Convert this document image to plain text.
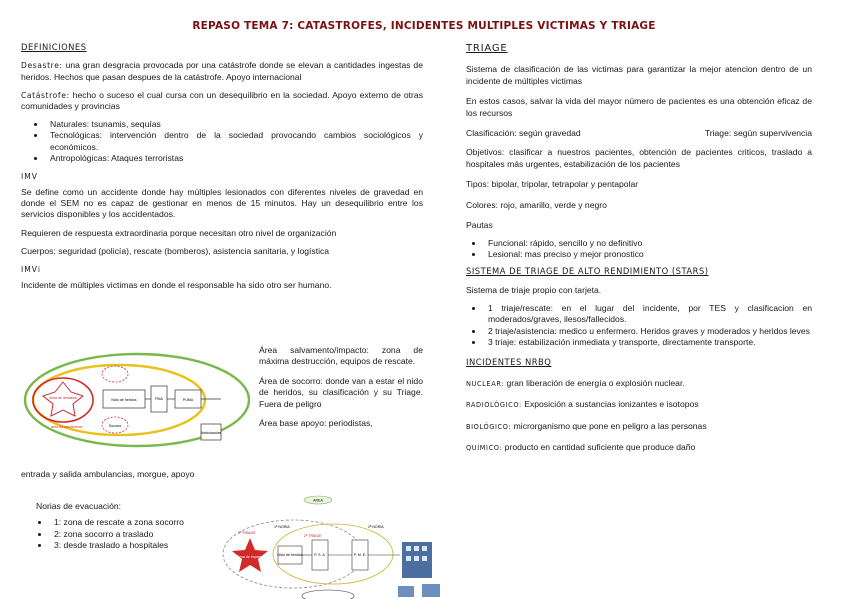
REPASO TEMA 7: CATASTROFES, INCIDENTES MULTIPLES VICTIMAS Y TRIAGE
DEFINICIONES
Desastre: una gran desgracia provocada por una catástrofe donde se elevan a cantidades ingestas de heridos. Hechos que pasan despues de la catástrofe. Apoyo internacional
Catástrofe: hecho o suceso el cual cursa con un desequilibrio en la sociedad. Apoyo externo de otras comunidades y provincias
• Naturales: tsunamis, sequías
• Tecnológicas: intervención dentro de la sociedad provocando cambios sociológicos y económicos.
• Antropológicas: Ataques terroristas
IMV
Se define como un accidente donde hay múltiples lesionados con diferentes niveles de gravedad en donde el SEM no es capaz de gestionar en menos de 15 minutos. Hay un desequilibrio entre los servicios disponibles y los accidentados.
Requieren de respuesta extraordinaria porque necesitan otro nivel de organización
Cuerpos: seguridad (policía), rescate (bomberos), asistencia sanitaria, y logística
IMVi
Incidente de múltiples victimas en donde el responsable ha sido otro ser humano.
zona de desastre
área de salvamento	Socorro
Nido de heridos	PMA	PUMA
Ambulancias
Área salvamento/impacto: zona de máxima destrucción, equipos de rescate.
Área de socorro: donde van a estar el nido de heridos, su clasificación y su Triage. Fuera de peligro
Área base apoyo: periodistas,
entrada y salida ambulancias, morgue, apoyo
Norias de evacuación:
• 1: zona de rescate a zona socorro
• 2: zona socorro a traslado
• 3: desde traslado a hospitales
AREA
Zona de impacto
1ª TRIAGE
2ª TRIAGE
1ª NORIA	2ª NORIA
Nido de heridos	P. S. A.	P. M. E.
TRIAGE
Sistema de clasificación de las victimas para garantizar la mejor atencion dentro de un incidente de múltiples victimas
En estos casos, salvar la vida del mayor número de pacientes es una obtención eficaz de los recursos
Clasificación: según gravedad	Triage: según supervivencia
Objetivos: clasificar a nuestros pacientes, obtención de pacientes criticos, traslado a hospitales más urgentes, estabilización de los pacientes
Tipos: bipolar, tripolar, tetrapolar y pentapolar
Colores: rojo, amarillo, verde y negro
Pautas
• Funcional: rápido, sencillo y no definitivo
• Lesional: mas preciso y mejor pronostico
SISTEMA DE TRIAGE DE ALTO RENDIMIENTO (STARS)
Sistema de triaje propio con tarjeta.
• 1 triaje/rescate: en el lugar del incidente, por TES y clasificacion en moderados/graves, ilesos/fallecidos.
• 2 triaje/asistencia: medico u enfermero. Heridos graves y moderados y heridos leves
• 3 triaje: estabilización inmediata y transporte, directamente transporte.
INCIDENTES NRBQ
NUCLEAR: gran liberación de energía o explosión nuclear.
RADIOLÓGICO: Exposición a sustancias ionizantes e isotopos
BIOLÓGICO: microrganismo que pone en peligro a las personas
QUÍMICO: producto en cantidad suficiente que produce daño
